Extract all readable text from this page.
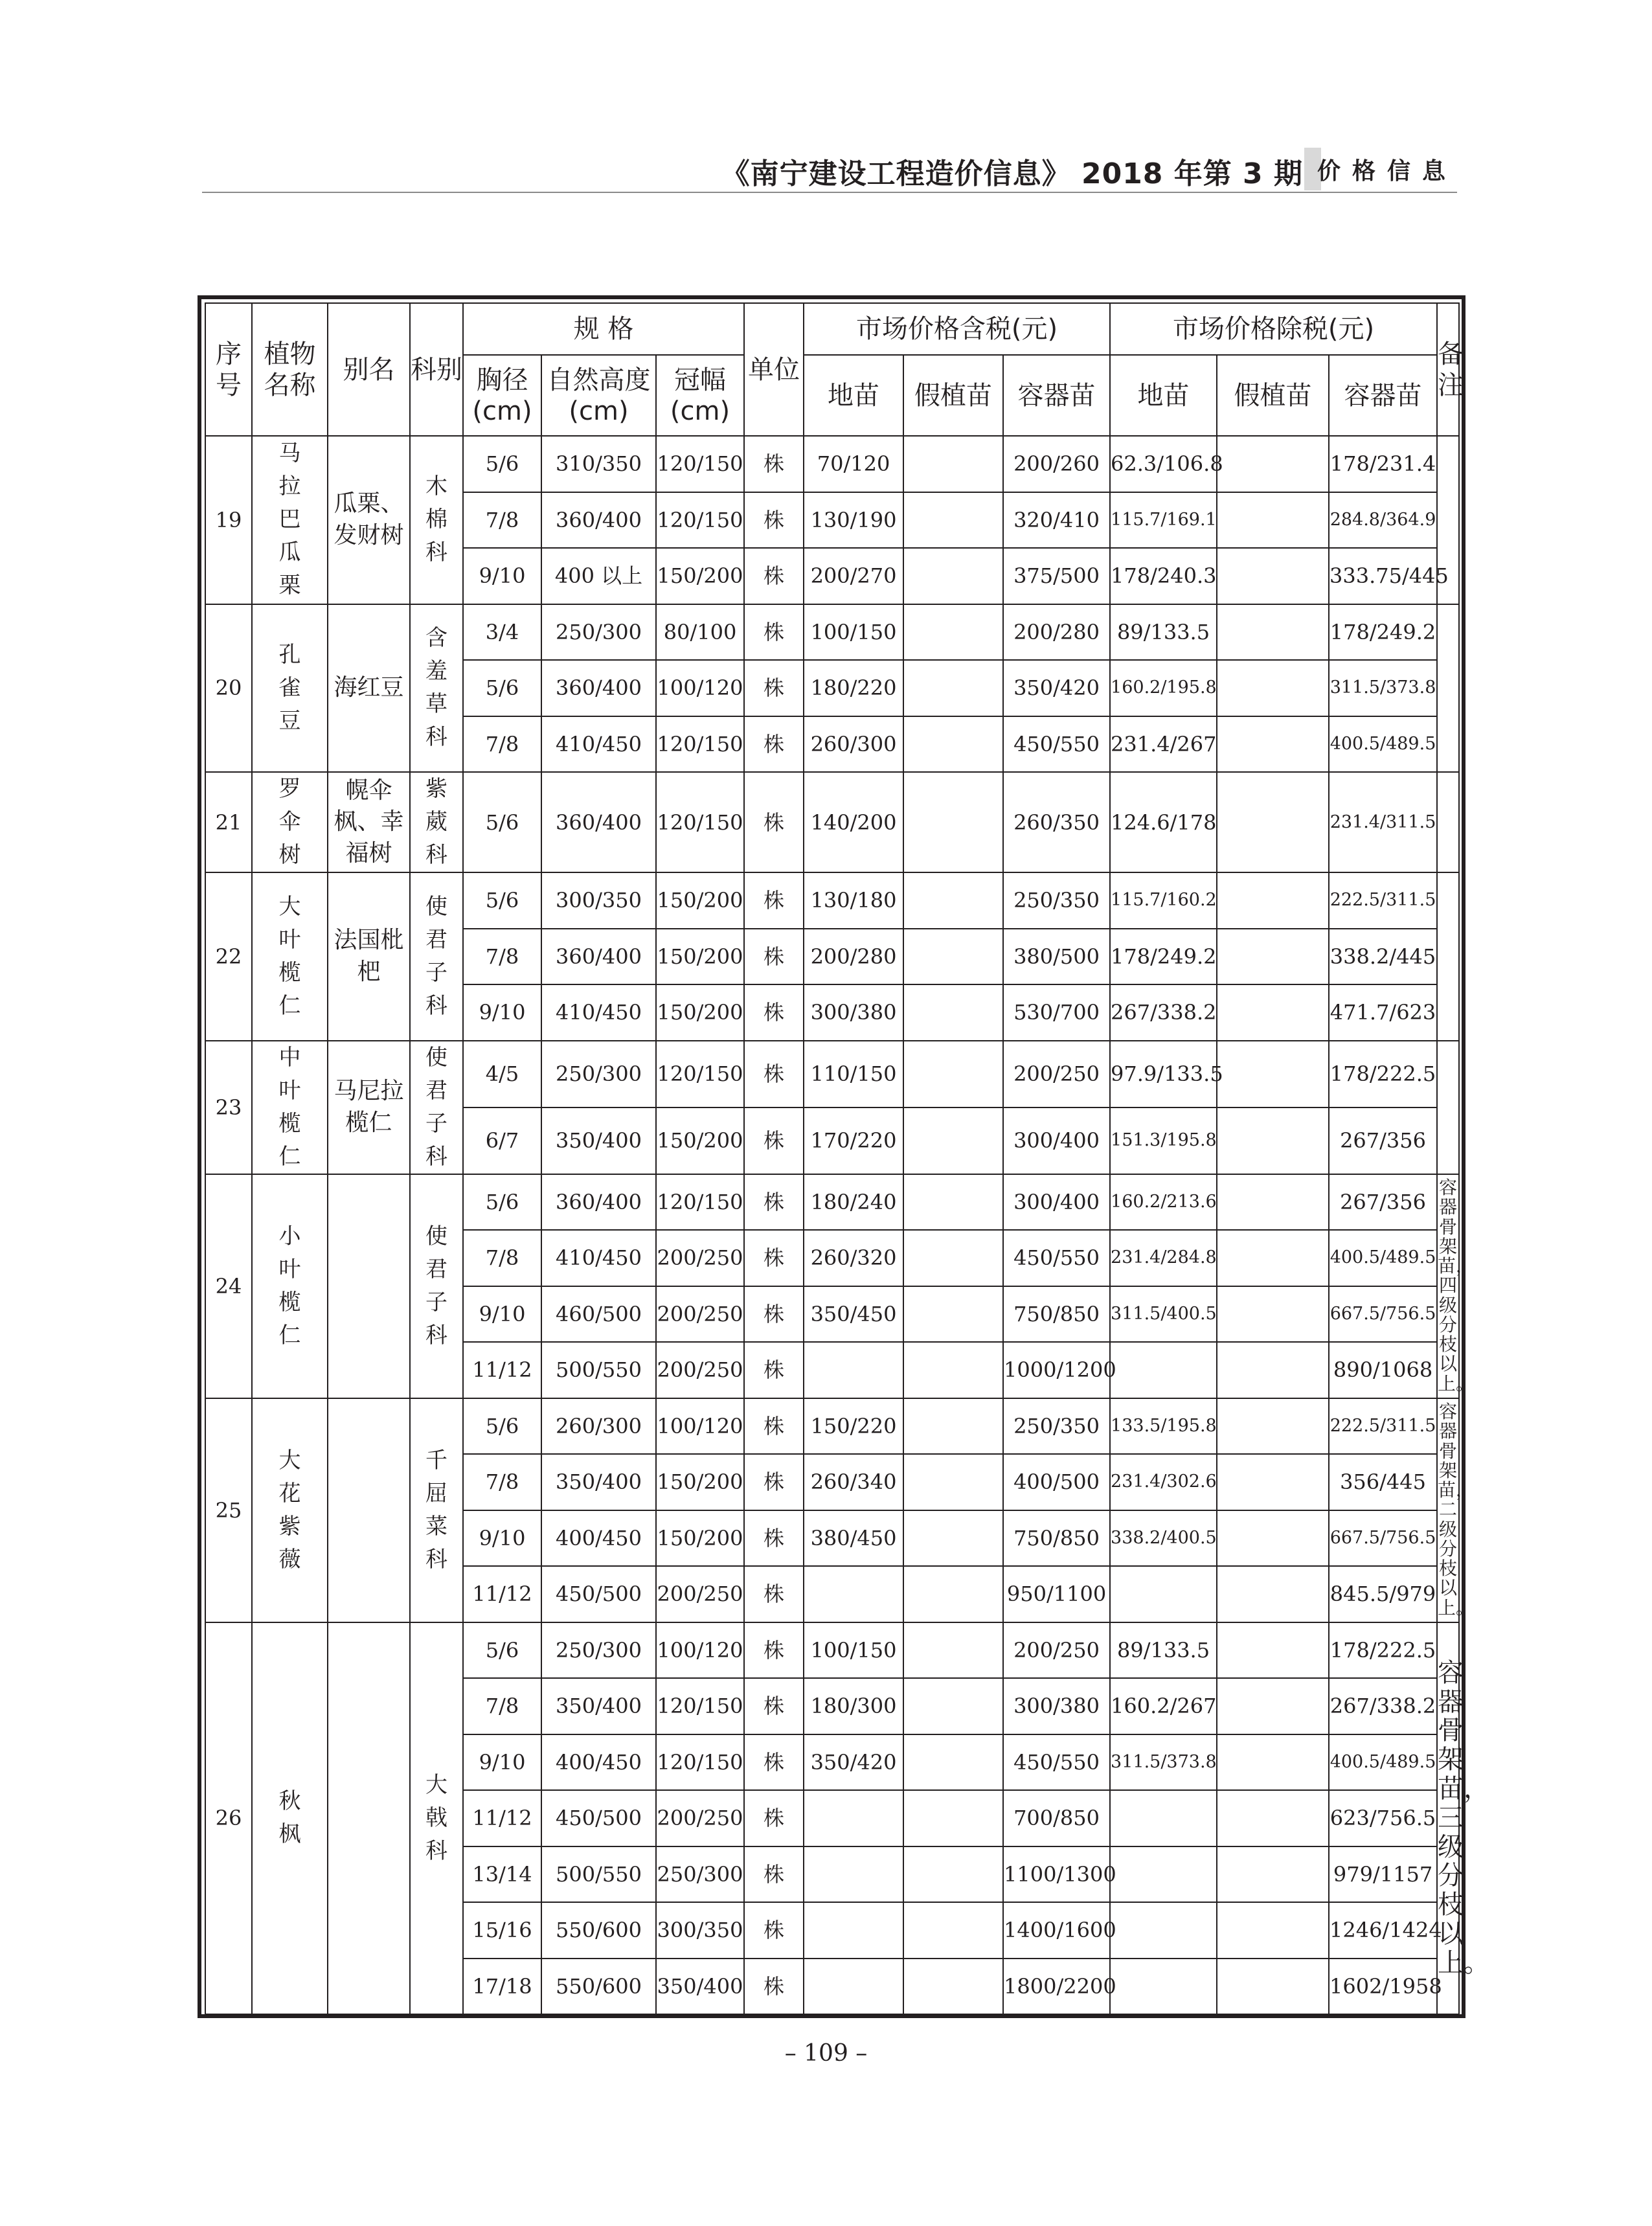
《南宁建设工程造价信息》 2018 年第 3 期 价格信息
序号	植物名称	别名	科别	规 格			单位	市场价格含税(元)			市场价格除税(元)			备注
				胸径(cm)	自然高度(cm)	冠幅(cm)		地苗	假植苗	容器苗	地苗	假植苗	容器苗	
19	马拉巴瓜栗	瓜栗、发财树	木棉科	5/6	310/350	120/150	株	70/120		200/260	62.3/106.8		178/231.4	
				7/8	360/400	120/150	株	130/190		320/410	115.7/169.1		284.8/364.9	
				9/10	400 以上	150/200	株	200/270		375/500	178/240.3		333.75/445	
20	孔雀豆	海红豆	含羞草科	3/4	250/300	80/100	株	100/150		200/280	89/133.5		178/249.2	
				5/6	360/400	100/120	株	180/220		350/420	160.2/195.8		311.5/373.8	
				7/8	410/450	120/150	株	260/300		450/550	231.4/267		400.5/489.5	
21	罗伞树	幌伞枫、幸福树	紫葳科	5/6	360/400	120/150	株	140/200		260/350	124.6/178		231.4/311.5	
22	大叶榄仁	法国枇杷	使君子科	5/6	300/350	150/200	株	130/180		250/350	115.7/160.2		222.5/311.5	
				7/8	360/400	150/200	株	200/280		380/500	178/249.2		338.2/445	
				9/10	410/450	150/200	株	300/380		530/700	267/338.2		471.7/623	
23	中叶榄仁	马尼拉榄仁	使君子科	4/5	250/300	120/150	株	110/150		200/250	97.9/133.5		178/222.5	
				6/7	350/400	150/200	株	170/220		300/400	151.3/195.8		267/356	
24	小叶榄仁		使君子科	5/6	360/400	120/150	株	180/240		300/400	160.2/213.6		267/356	容器骨架苗，四级分枝以上。
				7/8	410/450	200/250	株	260/320		450/550	231.4/284.8		400.5/489.5	
				9/10	460/500	200/250	株	350/450		750/850	311.5/400.5		667.5/756.5	
				11/12	500/550	200/250	株			1000/1200			890/1068	
25	大花紫薇		千屈菜科	5/6	260/300	100/120	株	150/220		250/350	133.5/195.8		222.5/311.5	容器骨架苗，二级分枝以上。
				7/8	350/400	150/200	株	260/340		400/500	231.4/302.6		356/445	
				9/10	400/450	150/200	株	380/450		750/850	338.2/400.5		667.5/756.5	
				11/12	450/500	200/250	株			950/1100			845.5/979	
26	秋枫		大戟科	5/6	250/300	100/120	株	100/150		200/250	89/133.5		178/222.5	容器骨架苗，三级分枝以上。
				7/8	350/400	120/150	株	180/300		300/380	160.2/267		267/338.2	
				9/10	400/450	120/150	株	350/420		450/550	311.5/373.8		400.5/489.5	
				11/12	450/500	200/250	株			700/850			623/756.5	
				13/14	500/550	250/300	株			1100/1300			979/1157	
				15/16	550/600	300/350	株			1400/1600			1246/1424	
				17/18	550/600	350/400	株			1800/2200			1602/1958	
– 109 –
